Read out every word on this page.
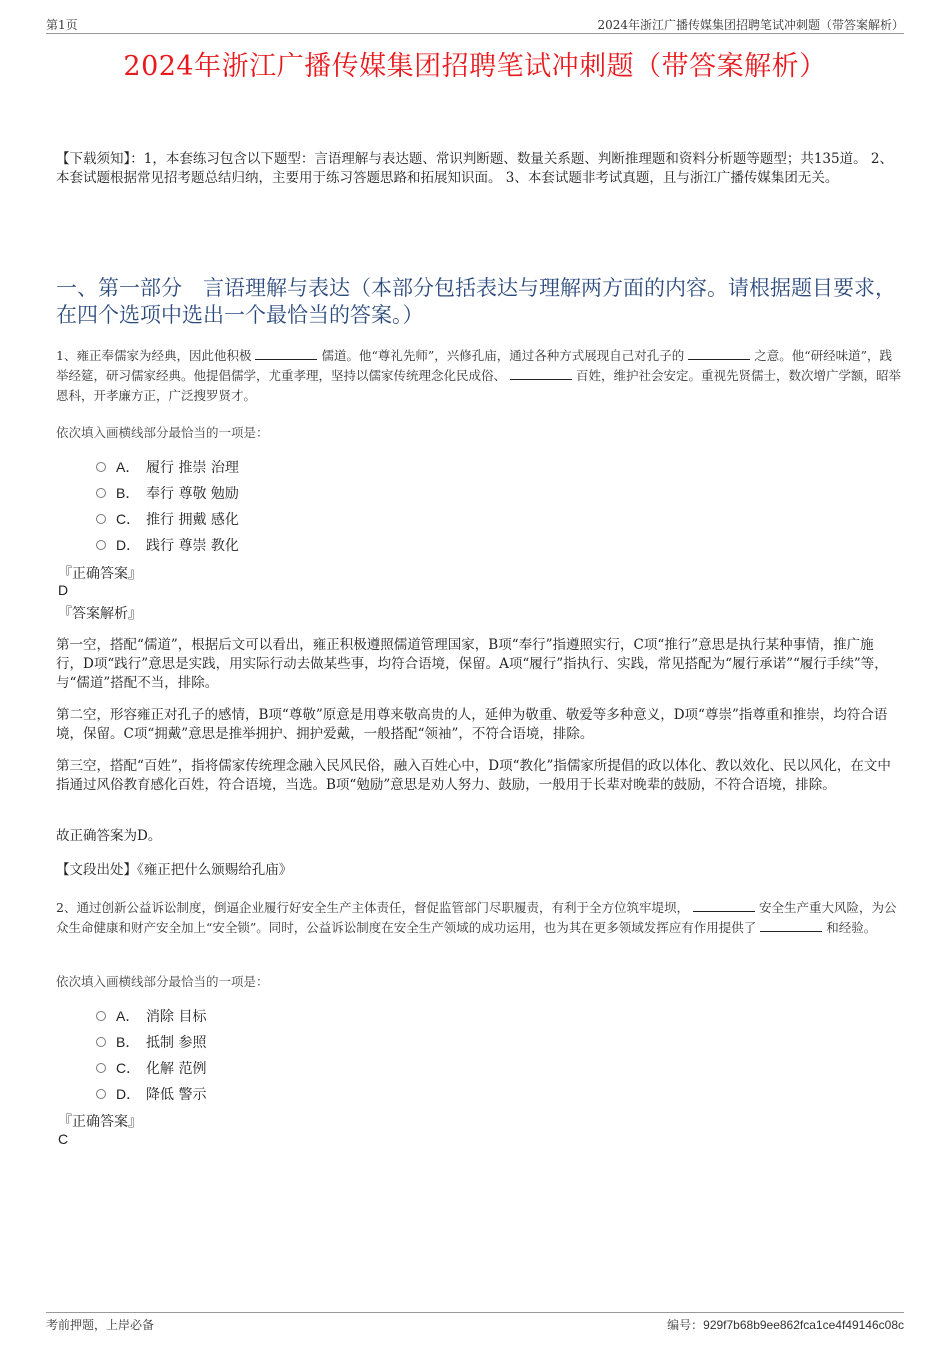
第1页	2024年浙江广播传媒集团招聘笔试冲刺题（带答案解析）
2024年浙江广播传媒集团招聘笔试冲刺题（带答案解析）
【下载须知】：1，本套练习包含以下题型：言语理解与表达题、常识判断题、数量关系题、判断推理题和资料分析题等题型；共135道。 2、本套试题根据常见招考题总结归纳，主要用于练习答题思路和拓展知识面。 3、本套试题非考试真题，且与浙江广播传媒集团无关。
一、第一部分　言语理解与表达（本部分包括表达与理解两方面的内容。请根据题目要求，在四个选项中选出一个最恰当的答案。）
1、雍正奉儒家为经典，因此他积极	儒道。他“尊礼先师”，兴修孔庙，通过各种方式展现自己对孔子的	之意。他“研经味道”，践举经筵，研习儒家经典。他提倡儒学，尤重孝理，坚持以儒家传统理念化民成俗、	百姓，维护社会安定。重视先贤儒士，数次增广学额，昭举恩科，开孝廉方正，广泛搜罗贤才。
依次填入画横线部分最恰当的一项是：
A． 履行 推崇 治理
B． 奉行 尊敬 勉励
C． 推行 拥戴 感化
D． 践行 尊崇 教化
『正确答案』
D
『答案解析』
第一空，搭配“儒道”，根据后文可以看出，雍正积极遵照儒道管理国家，B项“奉行”指遵照实行，C项“推行”意思是执行某种事情，推广施行，D项“践行”意思是实践，用实际行动去做某些事，均符合语境，保留。A项“履行”指执行、实践，常见搭配为“履行承诺”“履行手续”等，与“儒道”搭配不当，排除。
第二空，形容雍正对孔子的感情，B项“尊敬”原意是用尊来敬高贵的人，延伸为敬重、敬爱等多种意义，D项“尊崇”指尊重和推崇，均符合语境，保留。C项“拥戴”意思是推举拥护、拥护爱戴，一般搭配“领袖”，不符合语境，排除。
第三空，搭配“百姓”，指将儒家传统理念融入民风民俗，融入百姓心中，D项“教化”指儒家所提倡的政以体化、教以效化、民以风化，在文中指通过风俗教育感化百姓，符合语境，当选。B项“勉励”意思是劝人努力、鼓励，一般用于长辈对晚辈的鼓励，不符合语境，排除。
故正确答案为D。
【文段出处】《雍正把什么颁赐给孔庙》
2、通过创新公益诉讼制度，倒逼企业履行好安全生产主体责任，督促监管部门尽职履责，有利于全方位筑牢堤坝，	安全生产重大风险，为公众生命健康和财产安全加上“安全锁”。同时，公益诉讼制度在安全生产领域的成功运用，也为其在更多领域发挥应有作用提供了	和经验。
依次填入画横线部分最恰当的一项是：
A． 消除 目标
B． 抵制 参照
C． 化解 范例
D． 降低 警示
『正确答案』
C
考前押题，上岸必备	编号：929f7b68b9ee862fca1ce4f49146c08c
